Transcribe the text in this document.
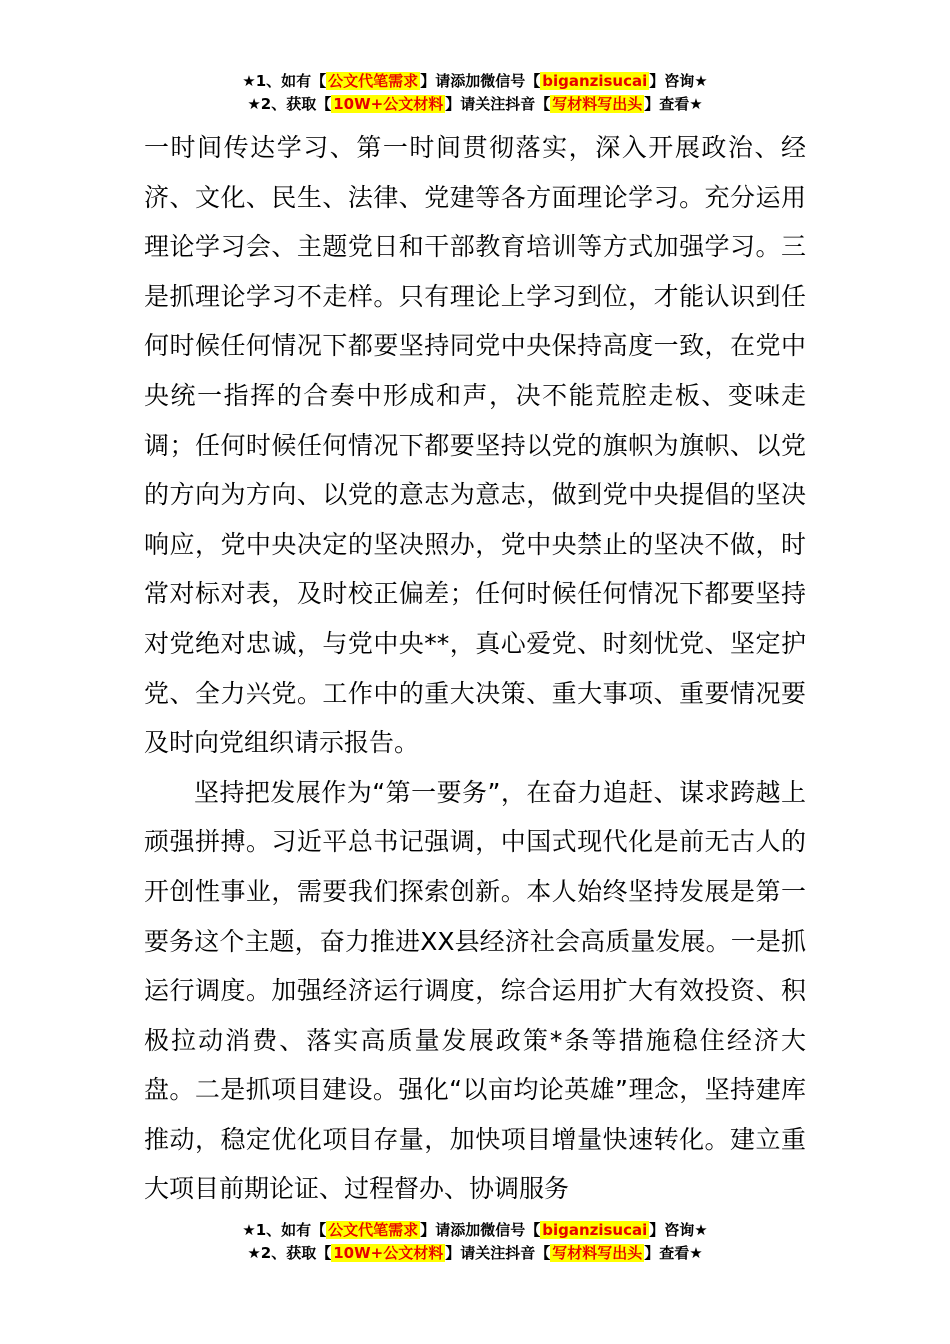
★1、如有【 公文代笔需求 】请添加微信号【 biganzisucai 】咨询★
★2、获取【 10W+公文材料 】请关注抖音【 写材料写出头 】查看★

一时间传达学习、第一时间贯彻落实，深入开展政治、经济、文化、民生、法律、党建等各方面理论学习。充分运用理论学习会、主题党日和干部教育培训等方式加强学习。三是抓理论学习不走样。只有理论上学习到位，才能认识到任何时候任何情况下都要坚持同党中央保持高度一致，在党中央统一指挥的合奏中形成和声，决不能荒腔走板、变味走调；任何时候任何情况下都要坚持以党的旗帜为旗帜、以党的方向为方向、以党的意志为意志，做到党中央提倡的坚决响应，党中央决定的坚决照办，党中央禁止的坚决不做，时常对标对表，及时校正偏差；任何时候任何情况下都要坚持对党绝对忠诚，与党中央**，真心爱党、时刻忧党、坚定护党、全力兴党。工作中的重大决策、重大事项、重要情况要及时向党组织请示报告。

坚持把发展作为“第一要务”，在奋力追赶、谋求跨越上顽强拼搏。习近平总书记强调，中国式现代化是前无古人的开创性事业，需要我们探索创新。本人始终坚持发展是第一要务这个主题，奋力推进XX县经济社会高质量发展。一是抓运行调度。加强经济运行调度，综合运用扩大有效投资、积极拉动消费、落实高质量发展政策*条等措施稳住经济大盘。二是抓项目建设。强化“以亩均论英雄”理念，坚持建库推动，稳定优化项目存量，加快项目增量快速转化。建立重大项目前期论证、过程督办、协调服务

★1、如有【 公文代笔需求 】请添加微信号【 biganzisucai 】咨询★
★2、获取【 10W+公文材料 】请关注抖音【 写材料写出头 】查看★
